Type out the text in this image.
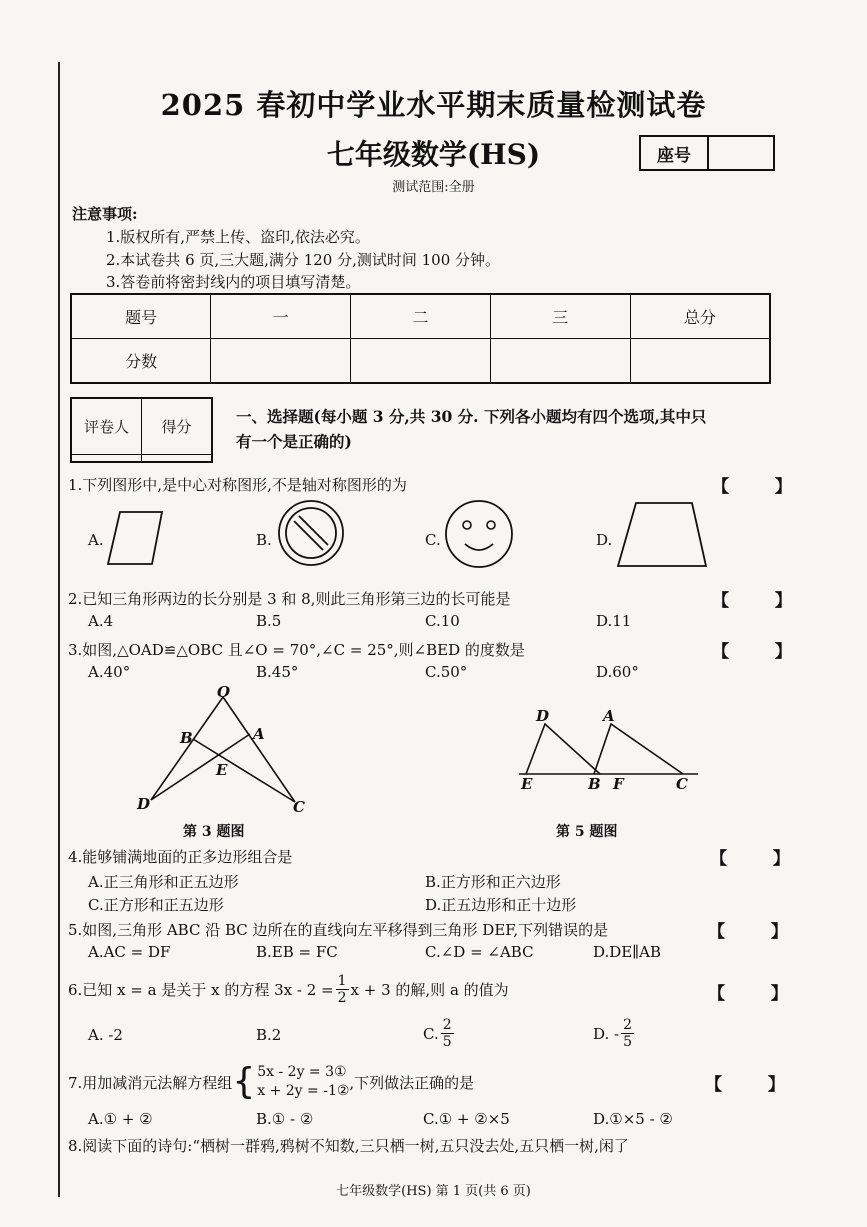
2025 春初中学业水平期末质量检测试卷
七年级数学(HS)	座号
测试范围:全册
注意事项:
1.版权所有,严禁上传、盗印,依法必究。
2.本试卷共 6 页,三大题,满分 120 分,测试时间 100 分钟。
3.答卷前将密封线内的项目填写清楚。
题号	一	二	三	总分
分数				
评卷人	得分

一、选择题(每小题 3 分,共 30 分. 下列各小题均有四个选项,其中只
有一个是正确的)
1.下列图形中,是中心对称图形,不是轴对称图形的为	【 】
A.	B.	C.	D.
2.已知三角形两边的长分别是 3 和 8,则此三角形第三边的长可能是	【 】
A.4	B.5	C.10	D.11
3.如图,△OAD≌△OBC 且∠O = 70°,∠C = 25°,则∠BED 的度数是	【 】
A.40°	B.45°	C.50°	D.60°
O
B	A
E
D	C
第 3 题图
D	A
E	B F	C
第 5 题图
4.能够铺满地面的正多边形组合是	【 】
A.正三角形和正五边形	B.正方形和正六边形
C.正方形和正五边形	D.正五边形和正十边形
5.如图,三角形 ABC 沿 BC 边所在的直线向左平移得到三角形 DEF,下列错误的是	【 】
A.AC = DF	B.EB = FC	C.∠D = ∠ABC	D.DE∥AB
6.已知 x = a 是关于 x 的方程 $3x - 2 = \frac{1}{2}$ x + 3 的解,则 a 的值为	【 】
A. -2	B.2	C. $\frac{2}{5}$	D. - $\frac{2}{5}$
7.用加减消元法解方程组 { 5x - 2y = 3①
x + 2y = -1② ,下列做法正确的是	【 】
A.① + ②	B.① - ②	C.① + ②×5	D.①×5 - ②
8.阅读下面的诗句:“栖树一群鸦,鸦树不知数,三只栖一树,五只没去处,五只栖一树,闲了
七年级数学(HS) 第 1 页(共 6 页)
